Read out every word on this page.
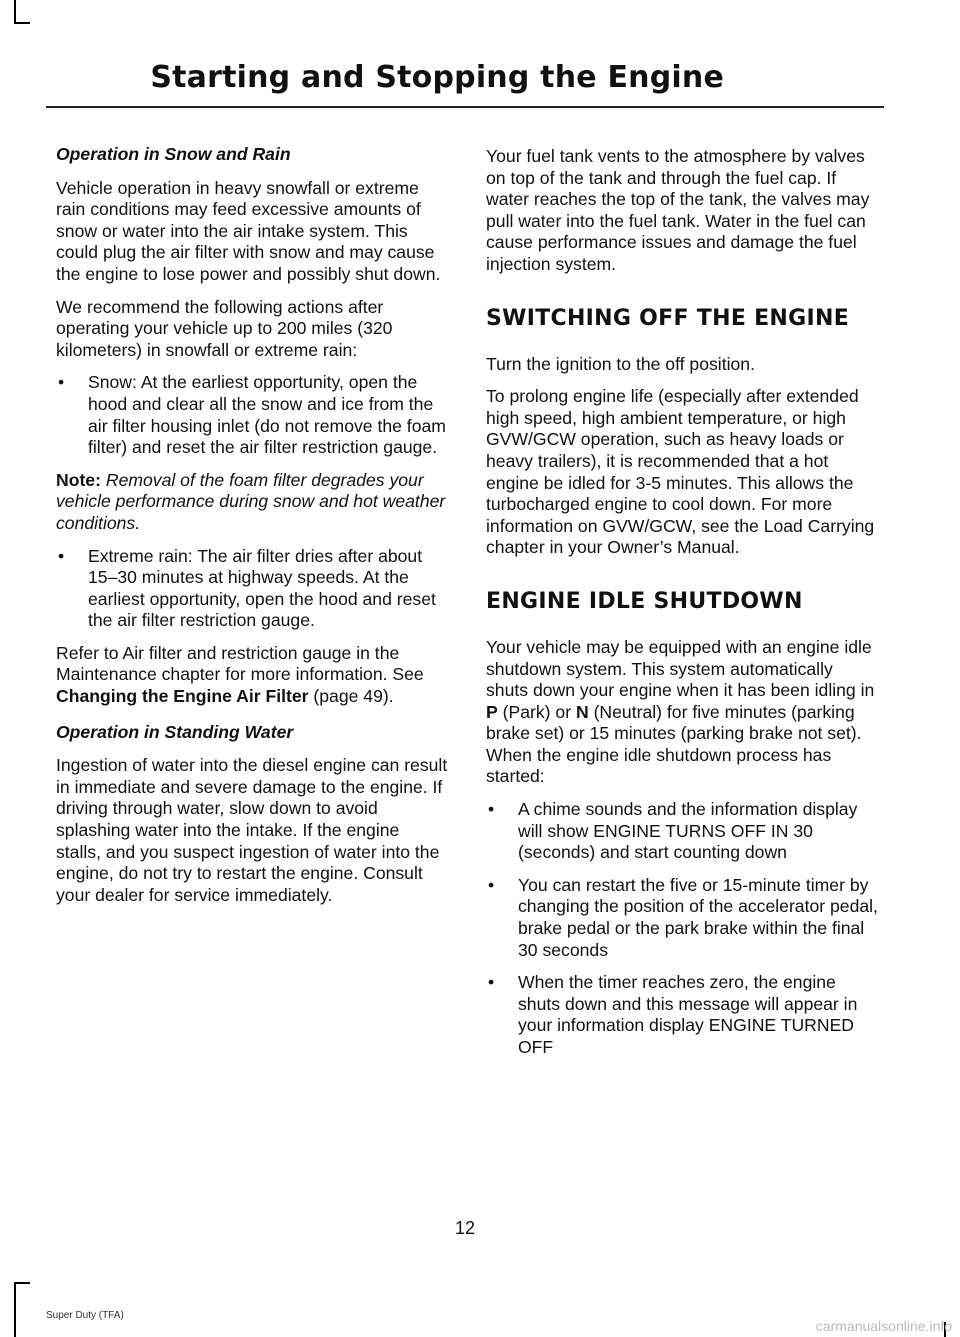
Starting and Stopping the Engine

Operation in Snow and Rain

Vehicle operation in heavy snowfall or extreme rain conditions may feed excessive amounts of snow or water into the air intake system. This could plug the air filter with snow and may cause the engine to lose power and possibly shut down.

We recommend the following actions after operating your vehicle up to 200 miles (320 kilometers) in snowfall or extreme rain:

• Snow: At the earliest opportunity, open the hood and clear all the snow and ice from the air filter housing inlet (do not remove the foam filter) and reset the air filter restriction gauge.

Note: Removal of the foam filter degrades your vehicle performance during snow and hot weather conditions.

• Extreme rain: The air filter dries after about 15–30 minutes at highway speeds. At the earliest opportunity, open the hood and reset the air filter restriction gauge.

Refer to Air filter and restriction gauge in the Maintenance chapter for more information. See Changing the Engine Air Filter (page 49).

Operation in Standing Water

Ingestion of water into the diesel engine can result in immediate and severe damage to the engine. If driving through water, slow down to avoid splashing water into the intake. If the engine stalls, and you suspect ingestion of water into the engine, do not try to restart the engine. Consult your dealer for service immediately.

Your fuel tank vents to the atmosphere by valves on top of the tank and through the fuel cap. If water reaches the top of the tank, the valves may pull water into the fuel tank. Water in the fuel can cause performance issues and damage the fuel injection system.

SWITCHING OFF THE ENGINE

Turn the ignition to the off position.

To prolong engine life (especially after extended high speed, high ambient temperature, or high GVW/GCW operation, such as heavy loads or heavy trailers), it is recommended that a hot engine be idled for 3-5 minutes. This allows the turbocharged engine to cool down. For more information on GVW/GCW, see the Load Carrying chapter in your Owner’s Manual.

ENGINE IDLE SHUTDOWN

Your vehicle may be equipped with an engine idle shutdown system. This system automatically shuts down your engine when it has been idling in P (Park) or N (Neutral) for five minutes (parking brake set) or 15 minutes (parking brake not set). When the engine idle shutdown process has started:

• A chime sounds and the information display will show ENGINE TURNS OFF IN 30 (seconds) and start counting down
• You can restart the five or 15-minute timer by changing the position of the accelerator pedal, brake pedal or the park brake within the final 30 seconds
• When the timer reaches zero, the engine shuts down and this message will appear in your information display ENGINE TURNED OFF
12
Super Duty (TFA)
carmanualsonline.info
